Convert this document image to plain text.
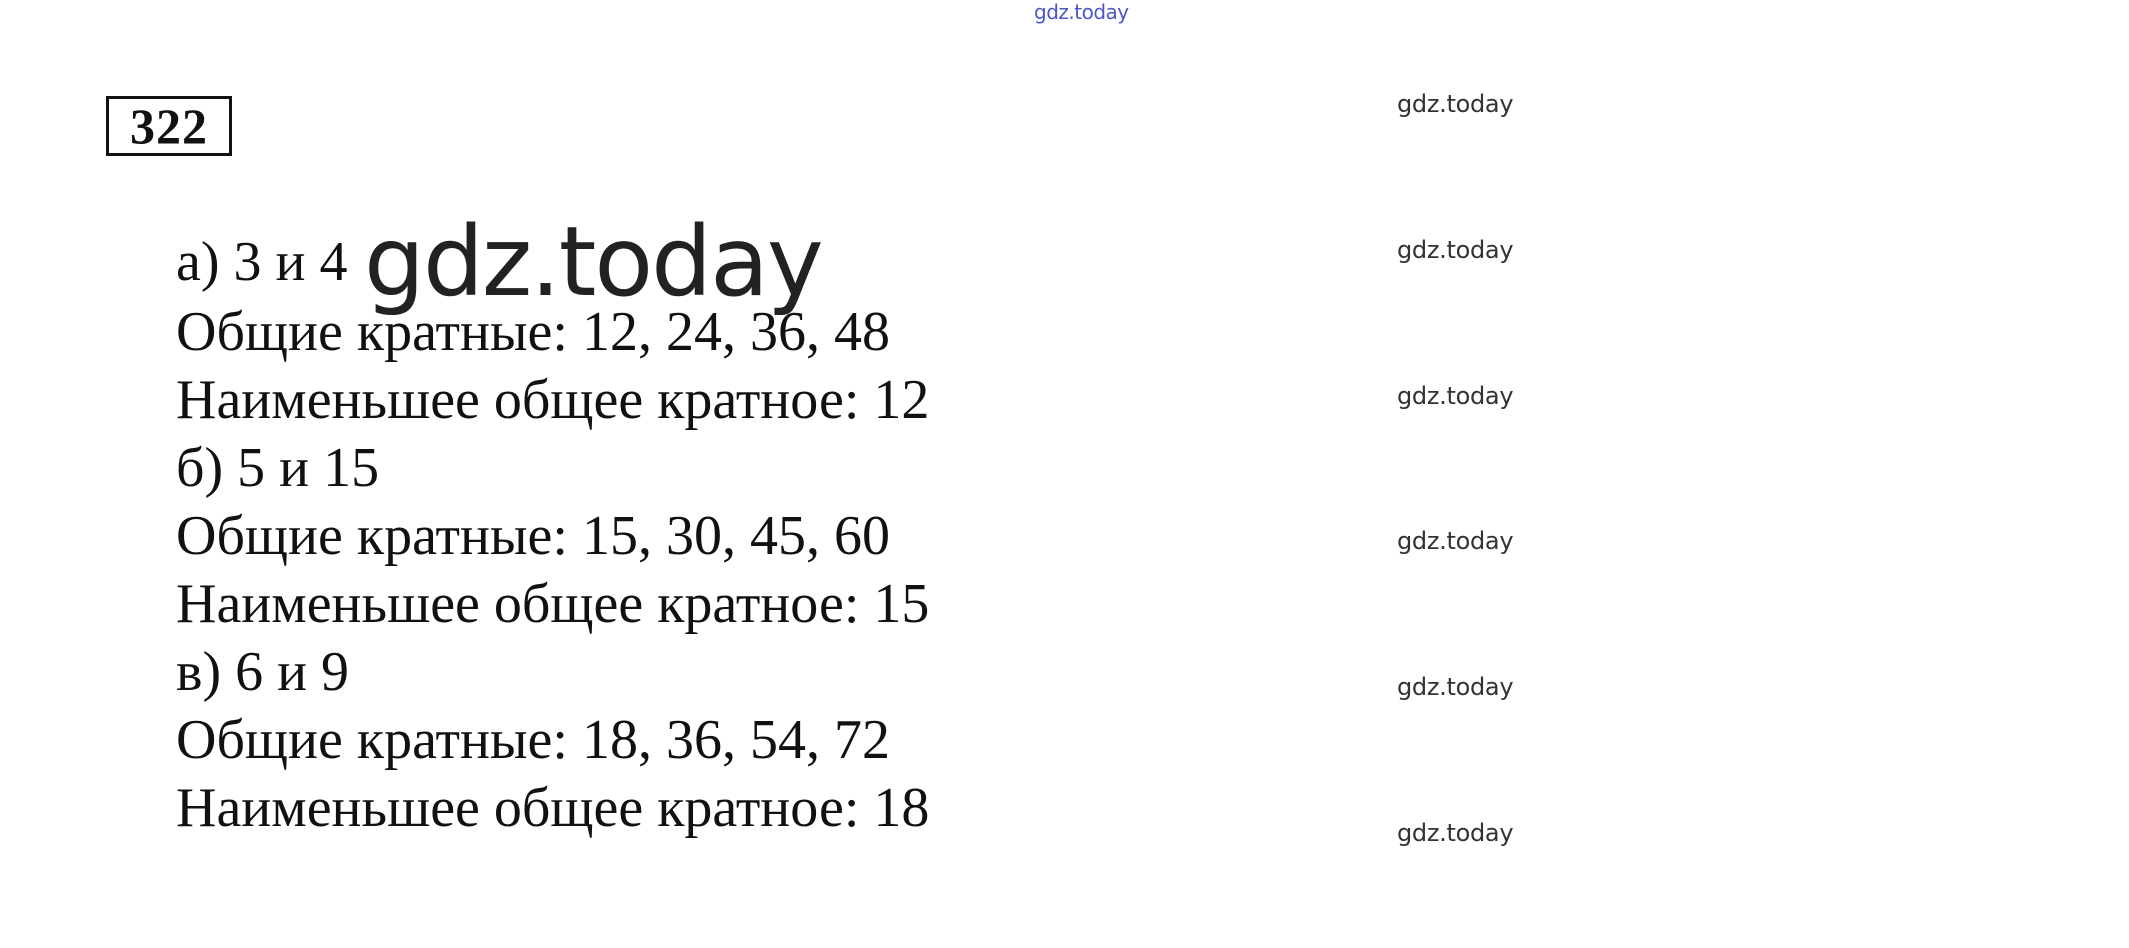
gdz.today
322
а) 3 и 4
Общие кратные: 12, 24, 36, 48
Наименьшее общее кратное: 12
б) 5 и 15
Общие кратные: 15, 30, 45, 60
Наименьшее общее кратное: 15
в) 6 и 9
Общие кратные: 18, 36, 54, 72
Наименьшее общее кратное: 18
gdz.today
gdz.today
gdz.today
gdz.today
gdz.today
gdz.today
gdz.today
